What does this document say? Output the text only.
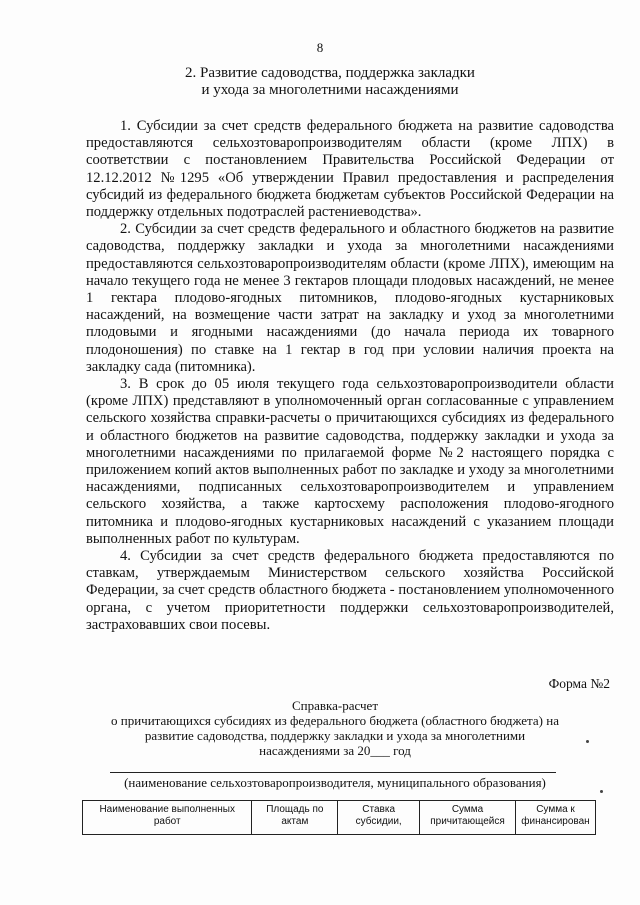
8
2. Развитие садоводства, поддержка закладки
и ухода за многолетними насаждениями

1. Субсидии за счет средств федерального бюджета на развитие садоводства предоставляются сельхозтоваропроизводителям области (кроме ЛПХ) в соответствии с постановлением Правительства Российской Федерации от 12.12.2012 №1295 «Об утверждении Правил предоставления и распределения субсидий из федерального бюджета бюджетам субъектов Российской Федерации на поддержку отдельных подотраслей растениеводства».

2. Субсидии за счет средств федерального и областного бюджетов на развитие садоводства, поддержку закладки и ухода за многолетними насаждениями предоставляются сельхозтоваропроизводителям области (кроме ЛПХ), имеющим на начало текущего года не менее 3 гектаров площади плодовых насаждений, не менее 1 гектара плодово-ягодных питомников, плодово-ягодных кустарниковых насаждений, на возмещение части затрат на закладку и уход за многолетними плодовыми и ягодными насаждениями (до начала периода их товарного плодоношения) по ставке на 1 гектар в год при условии наличия проекта на закладку сада (питомника).

3. В срок до 05 июля текущего года сельхозтоваропроизводители области (кроме ЛПХ) представляют в уполномоченный орган согласованные с управлением сельского хозяйства справки-расчеты о причитающихся субсидиях из федерального и областного бюджетов на развитие садоводства, поддержку закладки и ухода за многолетними насаждениями по прилагаемой форме №2 настоящего порядка с приложением копий актов выполненных работ по закладке и уходу за многолетними насаждениями, подписанных сельхозтоваропроизводителем и управлением сельского хозяйства, а также картосхему расположения плодово-ягодного питомника и плодово-ягодных кустарниковых насаждений с указанием площади выполненных работ по культурам.

4. Субсидии за счет средств федерального бюджета предоставляются по ставкам, утверждаемым Министерством сельского хозяйства Российской Федерации, за счет средств областного бюджета - постановлением уполномоченного органа, с учетом приоритетности поддержки сельхозтоваропроизводителей, застраховавших свои посевы.

Форма №2
Справка-расчет
о причитающихся субсидиях из федерального бюджета (областного бюджета) на
развитие садоводства, поддержку закладки и ухода за многолетними
насаждениями за 20___ год
(наименование сельхозтоваропроизводителя, муниципального образования)
Наименование выполненных работ	Площадь по актам	Ставка субсидии,	Сумма причитающейся	Сумма к финансирован
